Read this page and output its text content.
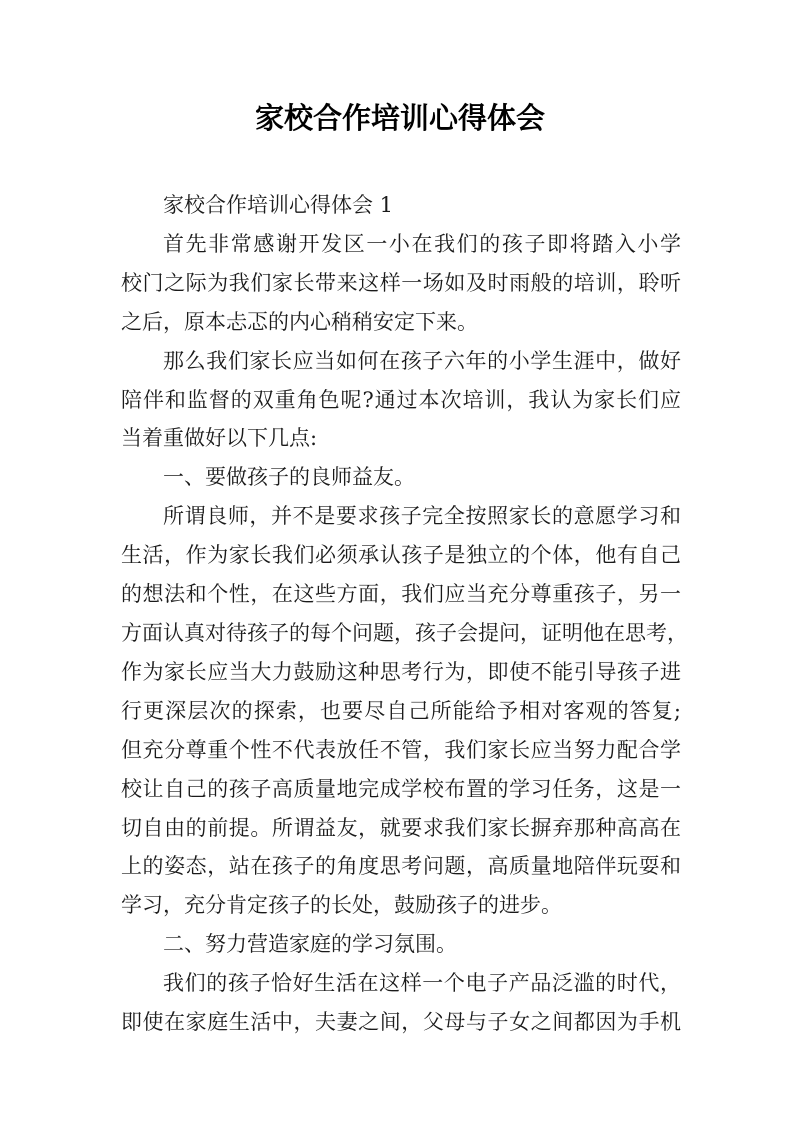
家校合作培训心得体会
家校合作培训心得体会 1
首先非常感谢开发区一小在我们的孩子即将踏入小学
校门之际为我们家长带来这样一场如及时雨般的培训，聆听
之后，原本忐忑的内心稍稍安定下来。
那么我们家长应当如何在孩子六年的小学生涯中，做好
陪伴和监督的双重角色呢?通过本次培训，我认为家长们应
当着重做好以下几点:
一、要做孩子的良师益友。
所谓良师，并不是要求孩子完全按照家长的意愿学习和
生活，作为家长我们必须承认孩子是独立的个体，他有自己
的想法和个性，在这些方面，我们应当充分尊重孩子，另一
方面认真对待孩子的每个问题，孩子会提问，证明他在思考，
作为家长应当大力鼓励这种思考行为，即使不能引导孩子进
行更深层次的探索，也要尽自己所能给予相对客观的答复;
但充分尊重个性不代表放任不管，我们家长应当努力配合学
校让自己的孩子高质量地完成学校布置的学习任务，这是一
切自由的前提。所谓益友，就要求我们家长摒弃那种高高在
上的姿态，站在孩子的角度思考问题，高质量地陪伴玩耍和
学习，充分肯定孩子的长处，鼓励孩子的进步。
二、努力营造家庭的学习氛围。
我们的孩子恰好生活在这样一个电子产品泛滥的时代，
即使在家庭生活中，夫妻之间，父母与子女之间都因为手机
